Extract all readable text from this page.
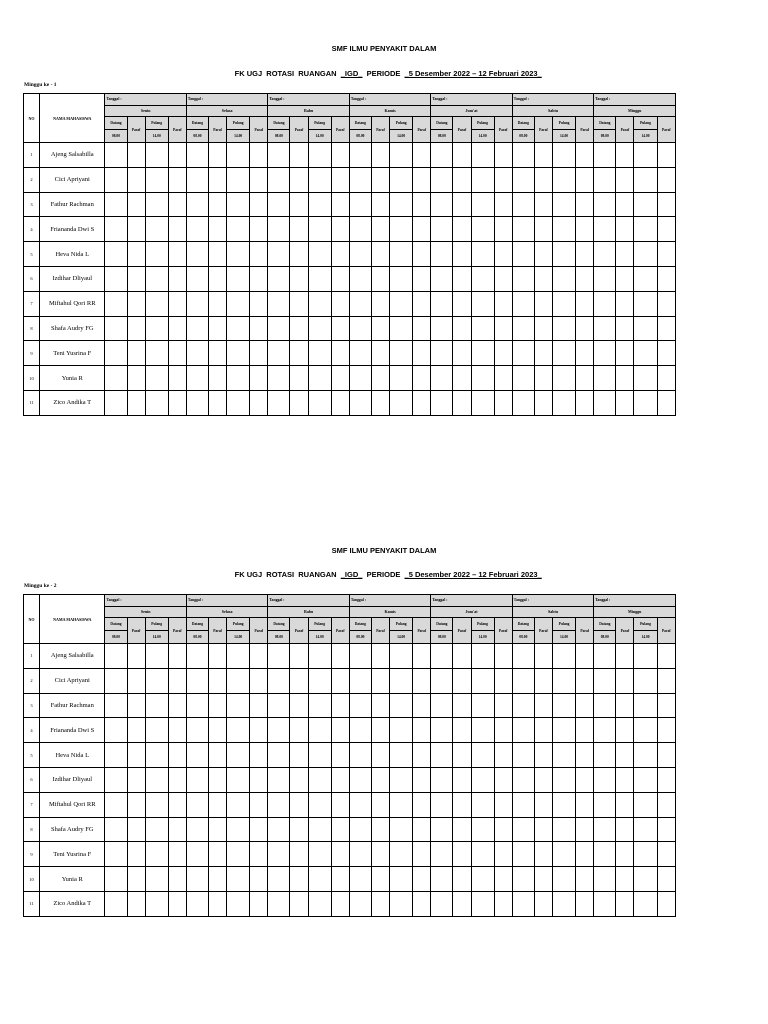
SMF ILMU PENYAKIT DALAM

FK UGJ  ROTASI  RUANGAN  _IGD_  PERIODE  _5 Desember 2022 – 12 Februari 2023_

Minggu ke - 1
NO	NAMA MAHASISWA	Tanggal :				Tanggal :				Tanggal :				Tanggal :				Tanggal :				Tanggal :				Tanggal :			
		Senin				Selasa				Rabu				Kamis				Jum'at				Sabtu				Minggu			
		Datang	Paraf	Pulang	Paraf	Datang	Paraf	Pulang	Paraf	Datang	Paraf	Pulang	Paraf	Datang	Paraf	Pulang	Paraf	Datang	Paraf	Pulang	Paraf	Datang	Paraf	Pulang	Paraf	Datang	Paraf	Pulang	Paraf
		08.00		14.00		08.00		14.00		08.00		14.00		08.00		14.00		08.00		14.00		08.00		14.00		08.00		14.00	
1	Ajeng Salsabilla																												
2	Cici Apriyani																												
3	Fathur Rachman																												
4	Friananda Dwi S																												
5	Heva Nida L																												
6	Izdihar Dliyaul																												
7	Miftahul Qori RR																												
8	Shafa Audry FG																												
9	Teni Yusrina F																												
10	Yunia R																												
11	Zico Andika T																												
SMF ILMU PENYAKIT DALAM

FK UGJ  ROTASI  RUANGAN  _IGD_  PERIODE  _5 Desember 2022 – 12 Februari 2023_

Minggu ke - 2
NO	NAMA MAHASISWA	Tanggal :				Tanggal :				Tanggal :				Tanggal :				Tanggal :				Tanggal :				Tanggal :			
		Senin				Selasa				Rabu				Kamis				Jum'at				Sabtu				Minggu			
		Datang	Paraf	Pulang	Paraf	Datang	Paraf	Pulang	Paraf	Datang	Paraf	Pulang	Paraf	Datang	Paraf	Pulang	Paraf	Datang	Paraf	Pulang	Paraf	Datang	Paraf	Pulang	Paraf	Datang	Paraf	Pulang	Paraf
		08.00		14.00		08.00		14.00		08.00		14.00		08.00		14.00		08.00		14.00		08.00		14.00		08.00		14.00	
1	Ajeng Salsabilla																												
2	Cici Apriyani																												
3	Fathur Rachman																												
4	Friananda Dwi S																												
5	Heva Nida L																												
6	Izdihar Dliyaul																												
7	Miftahul Qori RR																												
8	Shafa Audry FG																												
9	Teni Yusrina F																												
10	Yunia R																												
11	Zico Andika T																												
